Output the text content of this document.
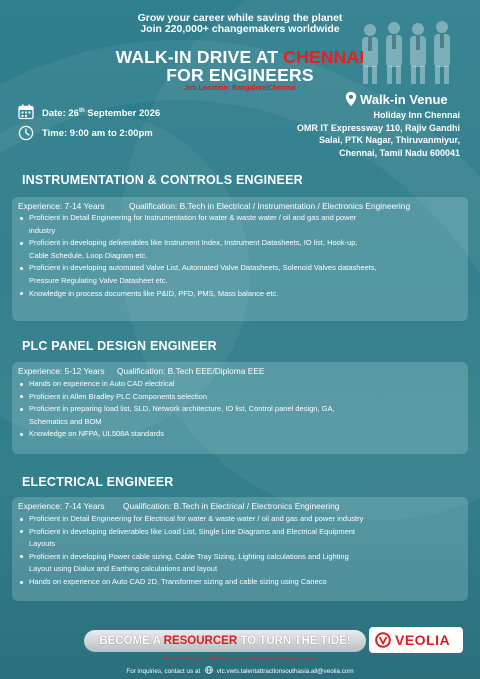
Grow your career while saving the planet
Join 220,000+ changemakers worldwide
WALK-IN DRIVE AT CHENNAI
FOR ENGINEERS
Job Location: Bangalore/Chennai
Date: 26th September 2026
Time: 9:00 am to 2:00pm
Walk-in Venue
Holiday Inn Chennai
OMR IT Expressway 110, Rajiv Gandhi
Salai, PTK Nagar, Thiruvanmiyur,
Chennai, Tamil Nadu 600041
INSTRUMENTATION & CONTROLS ENGINEER
Experience: 7-14 Years	Qualification: B.Tech in Electrical / Instrumentation / Electronics Engineering
Proficient in Detail Engineering for Instrumentation for water & waste water / oil and gas and power
industry
Proficient in developing deliverables like Instrument Index, Instrument Datasheets, IO list, Hook-up,
Cable Schedule, Loop Diagram etc.
Proficient in developing automated Valve List, Automated Valve Datasheets, Solenoid Valves datasheets,
Pressure Regulating Valve Datasheet etc.
Knowledge in process documents like P&ID, PFD, PMS, Mass balance etc.
PLC PANEL DESIGN ENGINEER
Experience: 5-12 Years Qualification: B.Tech EEE/Diploma EEE
Hands on experience in Auto CAD electrical
Proficient in Allen Bradley PLC Components selection
Proficient in preparing load list, SLD, Network architecture, IO list, Control panel design, GA,
Schematics and BOM
Knowledge on NFPA, UL508A standards
ELECTRICAL ENGINEER
Experience: 7-14 Years Qualification: B.Tech in Electrical / Electronics Engineering
Proficient in Detail Engineering for Electrical for water & waste water / oil and gas and power industry
Proficient in developing deliverables like Load List, Single Line Diagrams and Electrical Equipment
Layouts
Proficient in developing Power cable sizing, Cable Tray Sizing, Lighting calculations and Lighting
Layout using Dialux and Earthing calculations and layout
Hands on experience on Auto CAD 2D, Transformer sizing and cable sizing using Caneco
BECOME A RESOURCER TO TURN THE TIDE!	VEOLIA
Please share your updated resume and bring it to the interview venue
For inquiries, contact us at	vtc.vwts.talentattractionsouthasia.all@veolia.com
